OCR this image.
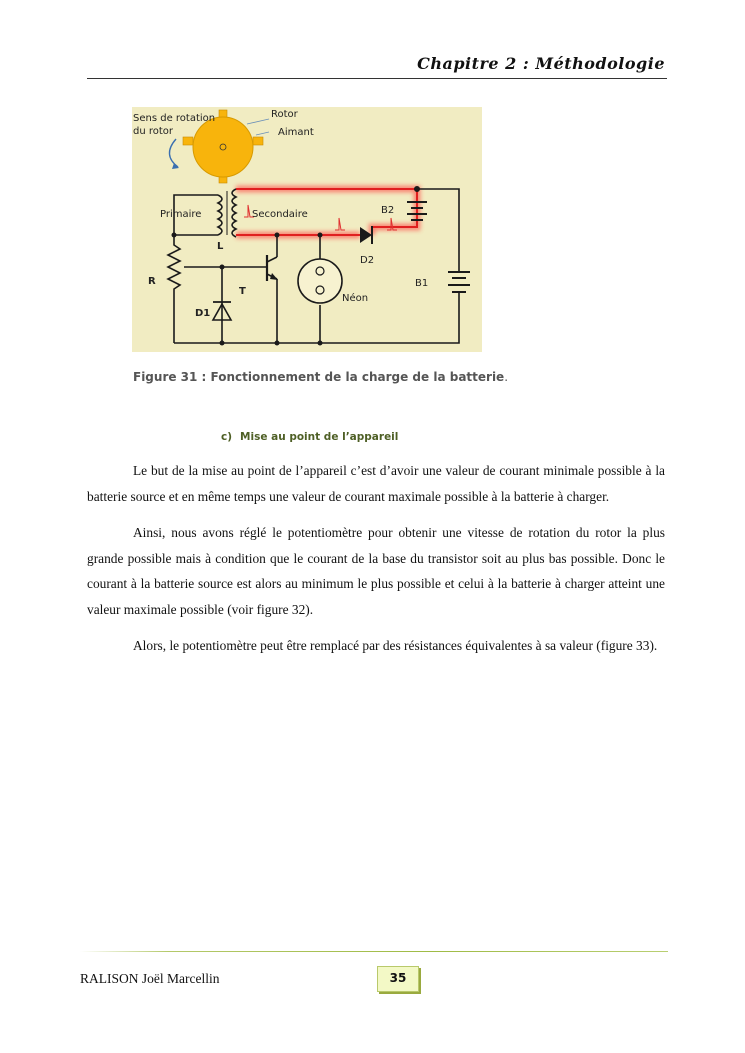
Chapitre 2 : Méthodologie
Sens de rotation
du rotor
Rotor
Aimant
Primaire	Secondaire
L
R
T
D1
B2
D2
B1
Néon
Figure 31 : Fonctionnement de la charge de la batterie.
c) Mise au point de l’appareil

Le but de la mise au point de l’appareil c’est d’avoir une valeur de courant minimale possible à la batterie source et en même temps une valeur de courant maximale possible à la batterie à charger.

Ainsi, nous avons réglé le potentiomètre pour obtenir une vitesse de rotation du rotor la plus grande possible mais à condition que le courant de la base du transistor soit au plus bas possible. Donc le courant à la batterie source est alors au minimum le plus possible et celui à la batterie à charger atteint une valeur maximale possible (voir figure 32).

Alors, le potentiomètre peut être remplacé par des résistances équivalentes à sa valeur (figure 33).

RALISON Joël Marcellin	35
